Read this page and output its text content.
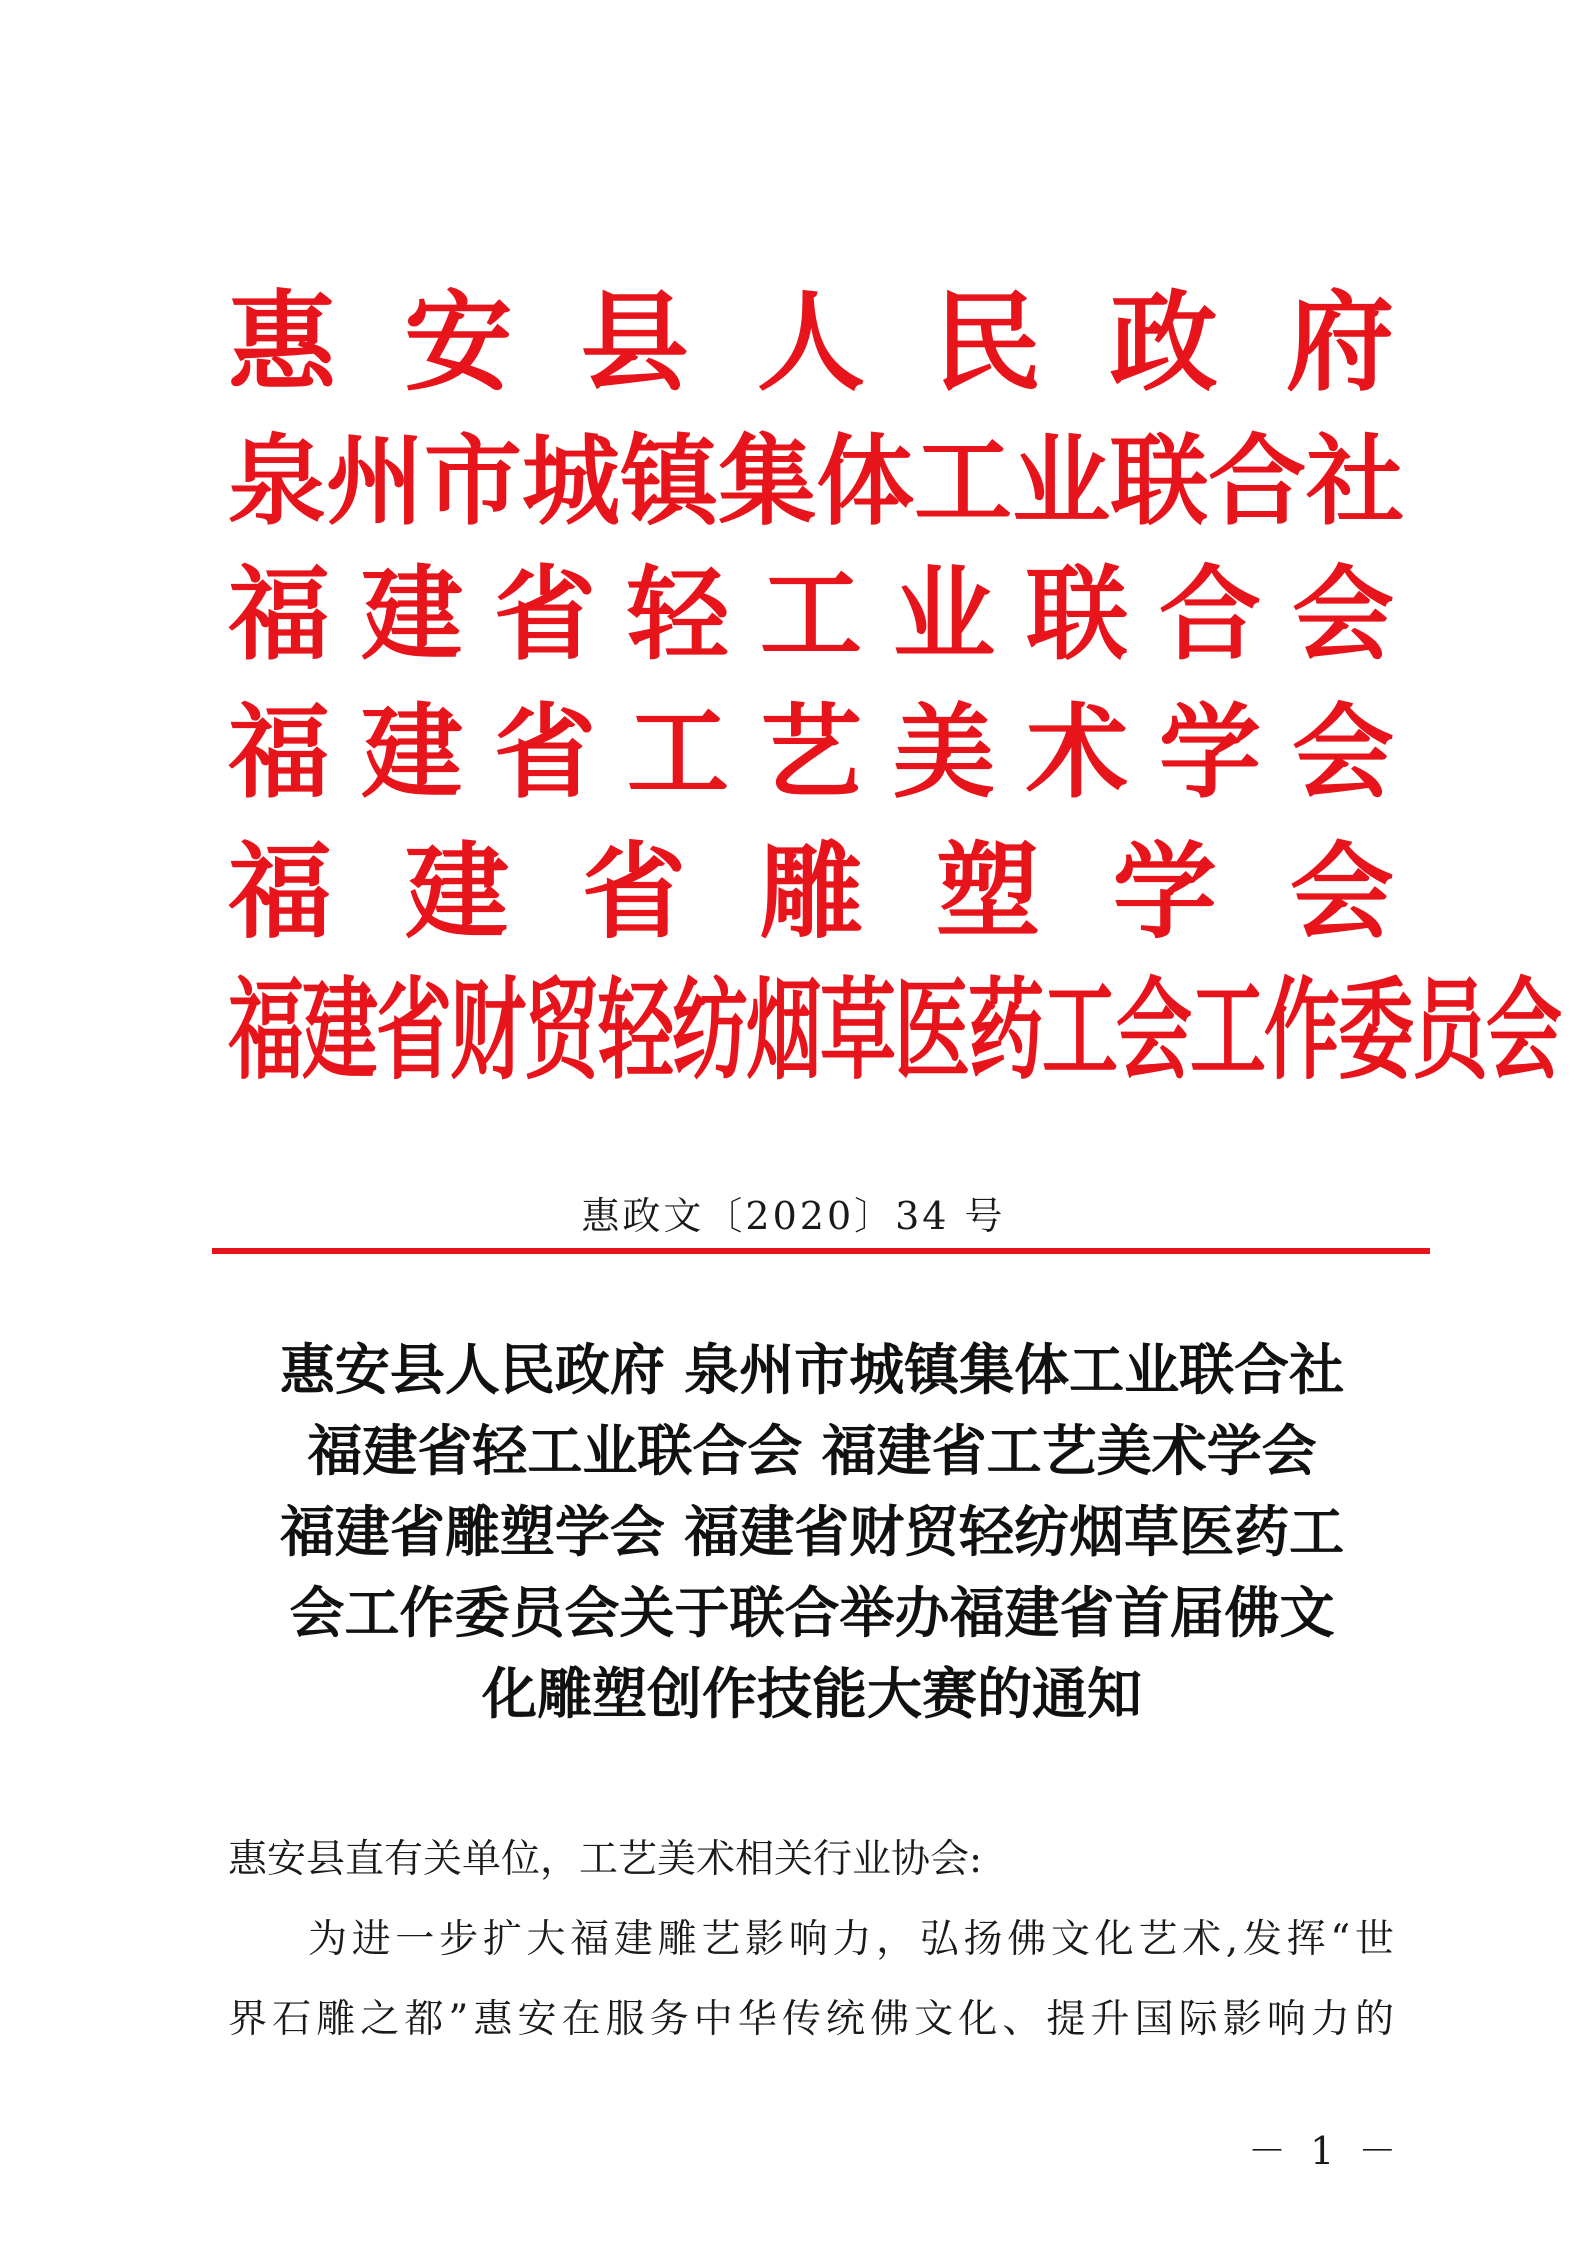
惠 安 县 人 民 政 府
泉 州 市 城 镇 集 体 工 业 联 合 社
福 建 省 轻 工 业 联 合 会
福 建 省 工 艺 美 术 学 会
福 建 省 雕 塑 学 会
福 建 省 财 贸 轻 纺 烟 草 医 药 工 会 工 作 委 员 会
惠政文〔2020〕34 号
惠安县人民政府 泉州市城镇集体工业联合社
福建省轻工业联合会 福建省工艺美术学会
福建省雕塑学会 福建省财贸轻纺烟草医药工
会工作委员会关于联合举办福建省首届佛文
化雕塑创作技能大赛的通知
惠安县直有关单位，工艺美术相关行业协会:
为 进 一 步 扩 大 福 建 雕 艺 影 响 力 ， 弘 扬 佛 文 化 艺 术 , 发 挥 “ 世
界 石 雕 之 都 ” 惠 安 在 服 务 中 华 传 统 佛 文 化 、 提 升 国 际 影 响 力 的
－ 1 －
